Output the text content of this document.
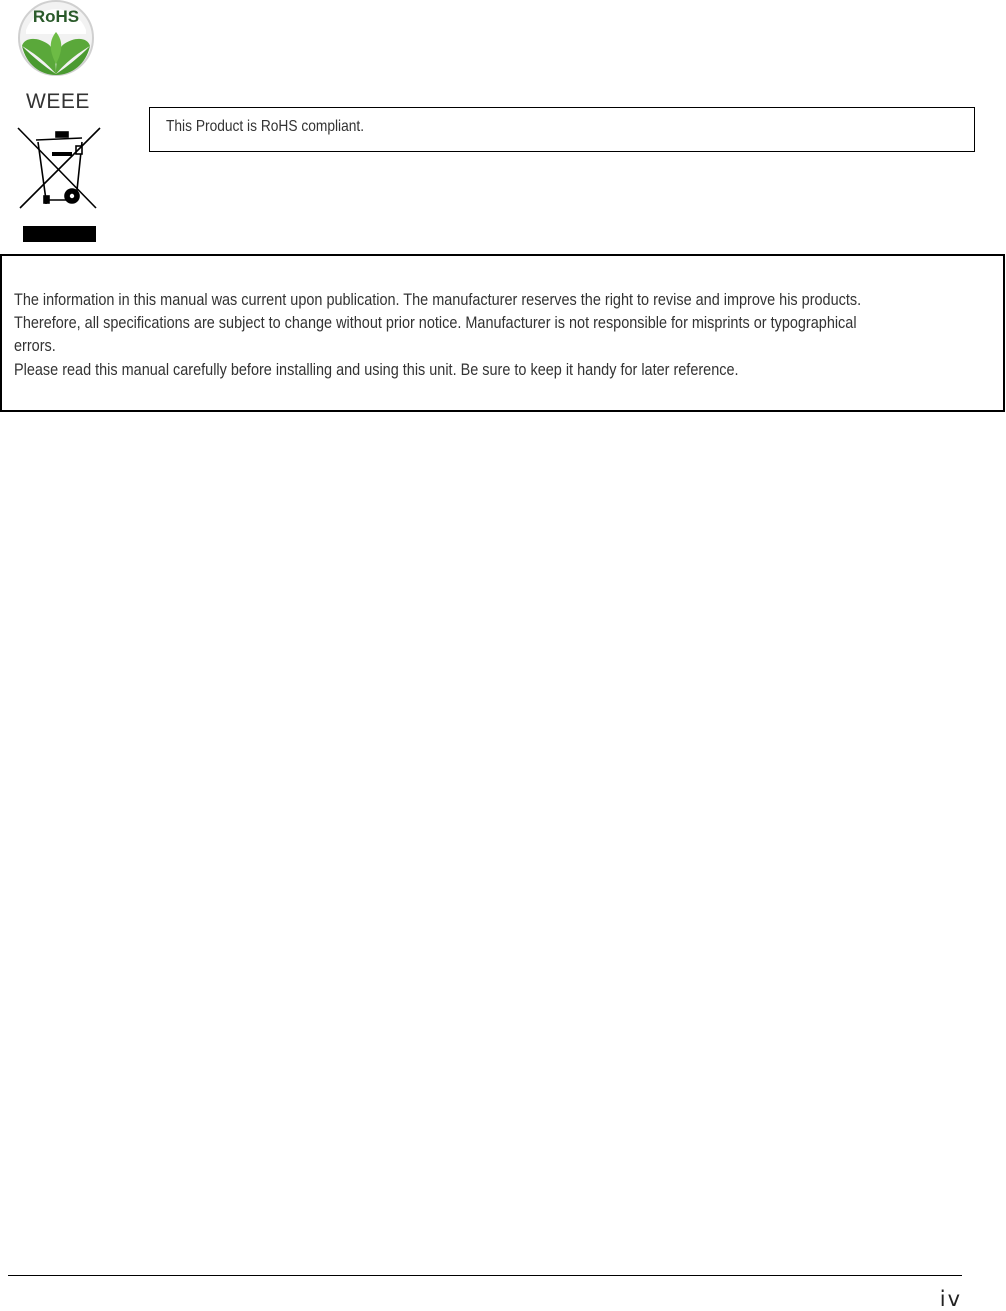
RoHS
WEEE
This Product is RoHS compliant.
The information in this manual was current upon publication. The manufacturer reserves the right to revise and improve his products.
Therefore, all specifications are subject to change without prior notice. Manufacturer is not responsible for misprints or typographical
errors.
Please read this manual carefully before installing and using this unit. Be sure to keep it handy for later reference.
iv
